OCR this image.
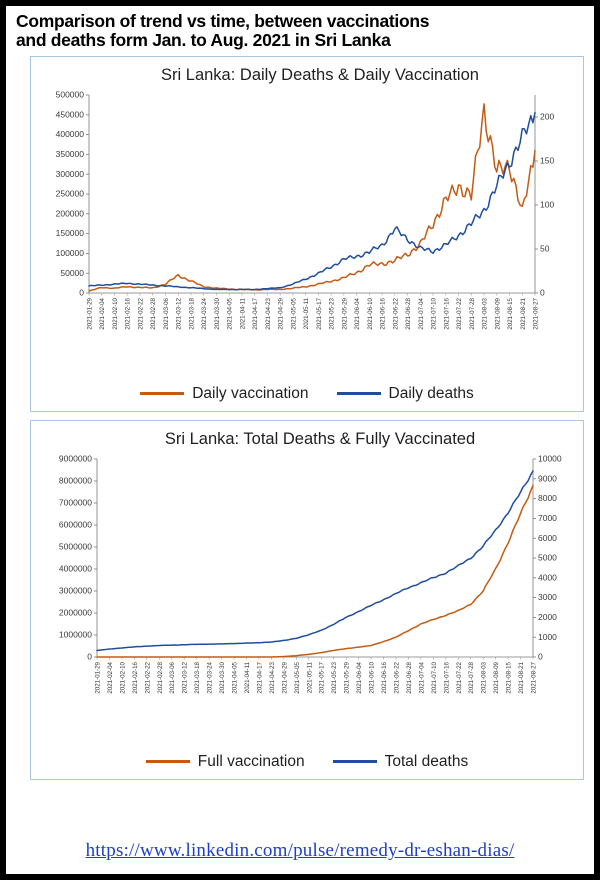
Comparison of trend vs time, between vaccinations
and deaths form Jan. to Aug. 2021 in Sri Lanka
Sri Lanka: Daily Deaths & Daily Vaccination
0
50000
100000
150000
200000
250000
300000
350000
400000
450000
500000
0
50
100
150
200
2021-01-29 2021-02-04 2021-02-10 2021-02-16 2021-02-22 2021-02-28 2021-03-06 2021-03-12 2021-03-18 2021-03-24 2021-03-30 2021-04-05 2021-04-11 2021-04-17 2021-04-23 2021-04-29 2021-05-05 2021-05-11 2021-05-17 2021-05-23 2021-05-29 2021-06-04 2021-06-10 2021-06-16 2021-06-22 2021-06-28 2021-07-04 2021-07-10 2021-07-16 2021-07-22 2021-07-28 2021-08-03 2021-08-09 2021-08-15 2021-08-21 2021-08-27
Daily vaccination	Daily deaths
Sri Lanka: Total Deaths & Fully Vaccinated
0
1000000
2000000
3000000
4000000
5000000
6000000
7000000
8000000
9000000
0
1000
2000
3000
4000
5000
6000
7000
8000
9000
10000
2021-01-29 2021-02-04 2021-02-10 2021-02-16 2021-02-22 2021-02-28 2021-03-06 2021-03-12 2021-03-18 2021-03-24 2021-03-30 2021-04-05 2021-04-11 2021-04-17 2021-04-23 2021-04-29 2021-05-05 2021-05-11 2021-05-17 2021-05-23 2021-05-29 2021-06-04 2021-06-10 2021-06-16 2021-06-22 2021-06-28 2021-07-04 2021-07-10 2021-07-16 2021-07-22 2021-07-28 2021-08-03 2021-08-09 2021-08-15 2021-08-21 2021-08-27
Full vaccination	Total deaths
https://www.linkedin.com/pulse/remedy-dr-eshan-dias/
